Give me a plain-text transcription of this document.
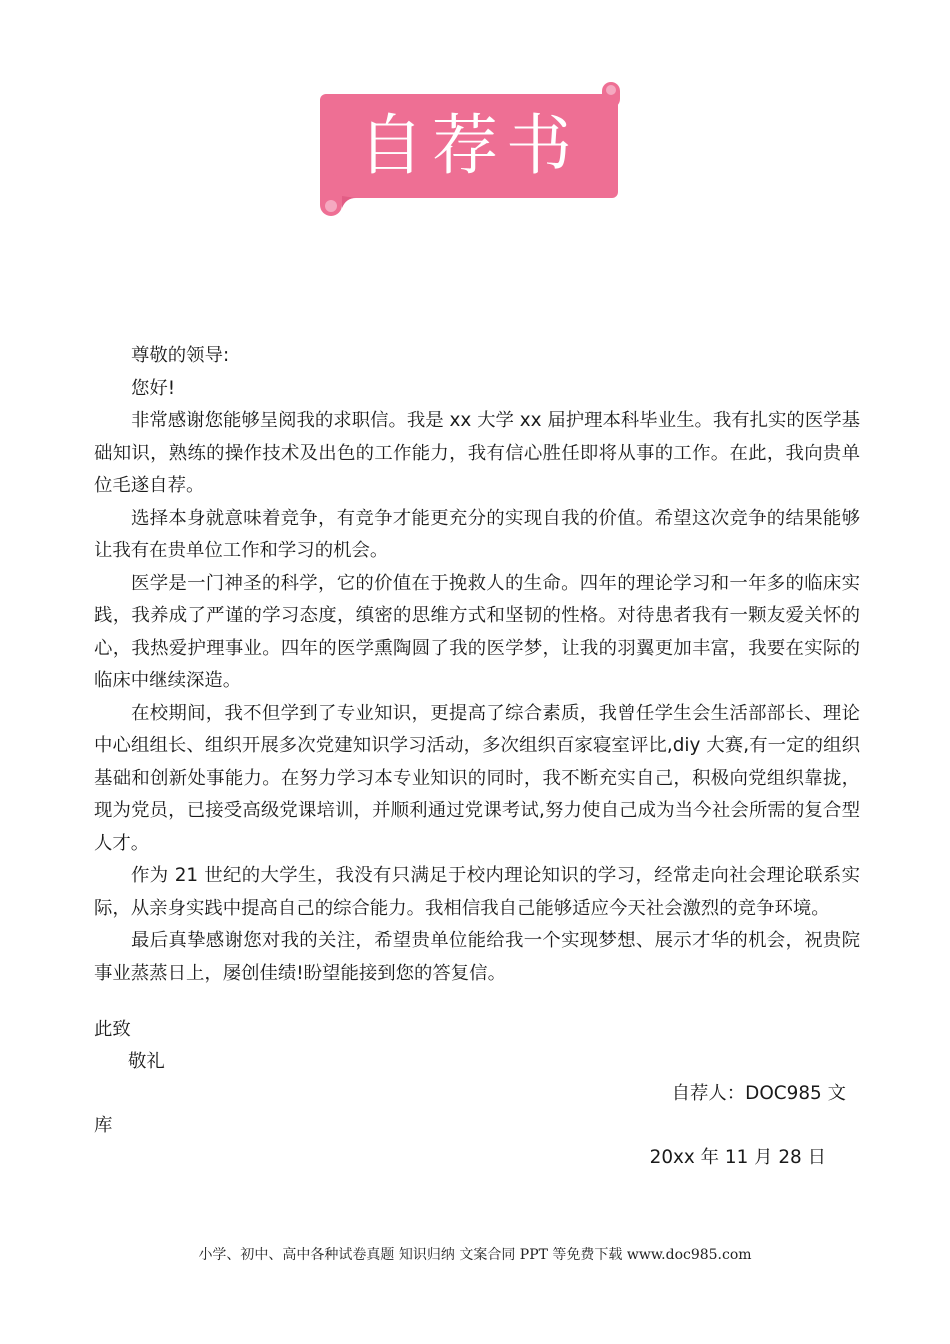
自荐书

尊敬的领导:

您好!

非常感谢您能够呈阅我的求职信。我是 xx 大学 xx 届护理本科毕业生。我有扎实的医学基础知识，熟练的操作技术及出色的工作能力，我有信心胜任即将从事的工作。在此，我向贵单位毛遂自荐。

选择本身就意味着竞争，有竞争才能更充分的实现自我的价值。希望这次竞争的结果能够让我有在贵单位工作和学习的机会。

医学是一门神圣的科学，它的价值在于挽救人的生命。四年的理论学习和一年多的临床实践，我养成了严谨的学习态度，缜密的思维方式和坚韧的性格。对待患者我有一颗友爱关怀的心，我热爱护理事业。四年的医学熏陶圆了我的医学梦，让我的羽翼更加丰富，我要在实际的临床中继续深造。

在校期间，我不但学到了专业知识，更提高了综合素质，我曾任学生会生活部部长、理论中心组组长、组织开展多次党建知识学习活动，多次组织百家寝室评比,diy 大赛,有一定的组织基础和创新处事能力。在努力学习本专业知识的同时，我不断充实自己，积极向党组织靠拢，现为党员，已接受高级党课培训，并顺利通过党课考试,努力使自己成为当今社会所需的复合型人才。

作为 21 世纪的大学生，我没有只满足于校内理论知识的学习，经常走向社会理论联系实际，从亲身实践中提高自己的综合能力。我相信我自己能够适应今天社会激烈的竞争环境。

最后真挚感谢您对我的关注，希望贵单位能给我一个实现梦想、展示才华的机会，祝贵院事业蒸蒸日上，屡创佳绩!盼望能接到您的答复信。

此致
敬礼
自荐人：DOC985 文
库
20xx 年 11 月 28 日
小学、初中、高中各种试卷真题 知识归纳 文案合同 PPT 等免费下载 www.doc985.com
